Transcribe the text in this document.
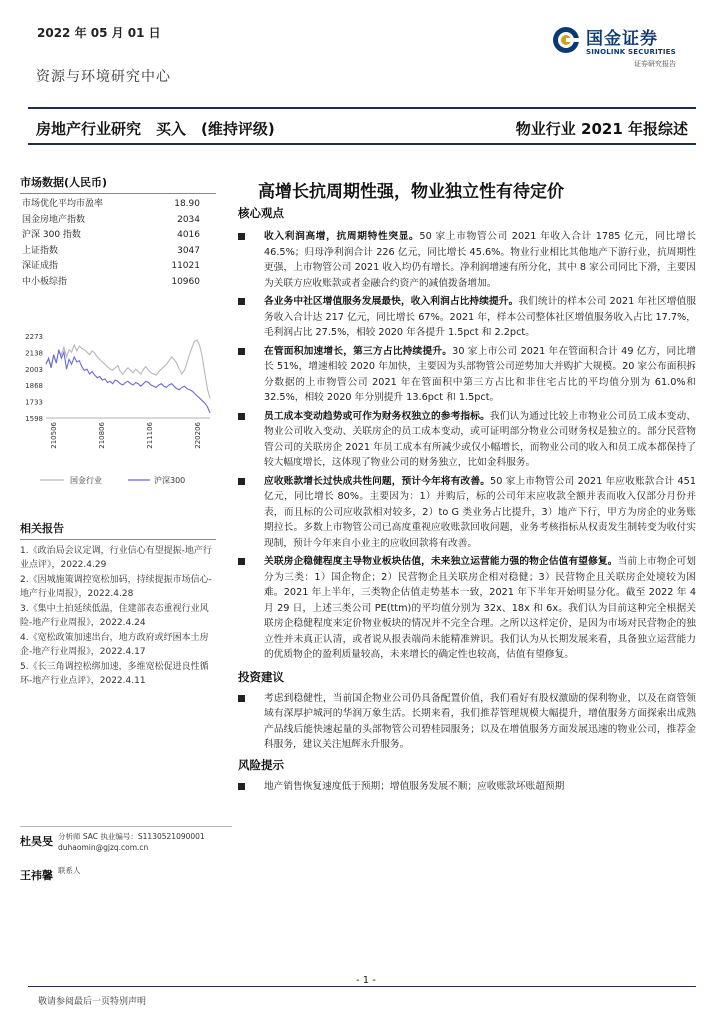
2022 年 05 月 01 日	国金证券
SINOLINK SECURITIES
证券研究报告
资源与环境研究中心
房地产行业研究　买入　(维持评级)	物业行业 2021 年报综述
市场数据(人民币)
市场优化平均市盈率	18.90
国金房地产指数	2034
沪深 300 指数	4016
上证指数	3047
深证成指	11021
中小板综指	10960
2273
2138
2003
1868
1733
1598
210506	210806	211106	220206
国金行业	沪深300
相关报告
1.《政治局会议定调，行业信心有望提振-地产行业点评》，2022.4.29
2.《因城施策调控宽松加码，持续提振市场信心-地产行业周报》，2022.4.28
3.《集中土拍延续低温，住建部表态重视行业风险-地产行业周报》，2022.4.24
4.《宽松政策加速出台，地方政府或纾困本土房企-地产行业周报》，2022.4.17
5.《长三角调控松绑加速，多维宽松促进良性循环-地产行业点评》，2022.4.11
杜昊旻 分析师 SAC 执业编号：S1130521090001
duhaomin@gjzq.com.cn
王祎馨 联系人
高增长抗周期性强，物业独立性有待定价
核心观点
收入利润高增，抗周期特性突显。50 家上市物管公司 2021 年收入合计 1785 亿元，同比增长 46.5%；归母净利润合计 226 亿元，同比增长 45.6%。物业行业相比其他地产下游行业，抗周期性更强，上市物管公司 2021 收入均仍有增长。净利润增速有所分化，其中 8 家公司同比下滑，主要因为关联方应收账款或者金融合约资产的减值拨备增加。
各业务中社区增值服务发展最快，收入利润占比持续提升。我们统计的样本公司 2021 年社区增值服务收入合计达 217 亿元，同比增长 67%。2021 年，样本公司整体社区增值服务收入占比 17.7%，毛利润占比 27.5%，相较 2020 年各提升 1.5pct 和 2.2pct。
在管面积加速增长，第三方占比持续提升。30 家上市公司 2021 年在管面积合计 49 亿方，同比增长 51%，增速相较 2020 年加快，主要因为头部物管公司逆势加大并购扩大规模。20 家公布面积拆分数据的上市物管公司 2021 年在管面积中第三方占比和非住宅占比的平均值分别为 61.0%和 32.5%，相较 2020 年分别提升 13.6pct 和 1.5pct。
员工成本变动趋势或可作为财务权独立的参考指标。我们认为通过比较上市物业公司员工成本变动、物业公司收入变动、关联房企的员工成本变动，或可证明部分物业公司财务权是独立的。部分民营物管公司的关联房企 2021 年员工成本有所减少或仅小幅增长，而物业公司的收入和员工成本都保持了较大幅度增长，这体现了物业公司的财务独立，比如金科服务。
应收账款增长过快成共性问题，预计今年将有改善。50 家上市物管公司 2021 年应收账款合计 451 亿元，同比增长 80%。主要因为：1）并购后，标的公司年末应收款全额并表而收入仅部分月份并表，而且标的公司应收款相对较多，2）to G 类业务占比提升，3）地产下行，甲方为房企的业务账期拉长。多数上市物管公司已高度重视应收账款回收问题，业务考核指标从权责发生制转变为收付实现制，预计今年来自小业主的应收回款将有改善。
关联房企稳健程度主导物业板块估值，未来独立运营能力强的物企估值有望修复。当前上市物企可划分为三类：1）国企物企；2）民营物企且关联房企相对稳健；3）民营物企且关联房企处境较为困难。2021 年上半年，三类物企估值走势基本一致，2021 年下半年开始明显分化。截至 2022 年 4 月 29 日，上述三类公司 PE(ttm)的平均值分别为 32x、18x 和 6x。我们认为目前这种完全根据关联房企稳健程度来定价物业板块的情况并不完全合理。之所以这样定价，是因为市场对民营物企的独立性并未真正认清，或者说从报表端尚未能精准辨识。我们认为从长期发展来看，具备独立运营能力的优质物企的盈利质量较高，未来增长的确定性也较高，估值有望修复。
投资建议
考虑到稳健性，当前国企物业公司仍具备配置价值，我们看好有股权激励的保利物业，以及在商管领域有深厚护城河的华润万象生活。长期来看，我们推荐管理规模大幅提升，增值服务方面探索出成熟产品线后能快速起量的头部物管公司碧桂园服务；以及在增值服务方面发展迅速的物业公司，推荐金科服务，建议关注旭辉永升服务。
风险提示
地产销售恢复速度低于预期；增值服务发展不顺；应收账款坏账超预期
- 1 -
敬请参阅最后一页特别声明
